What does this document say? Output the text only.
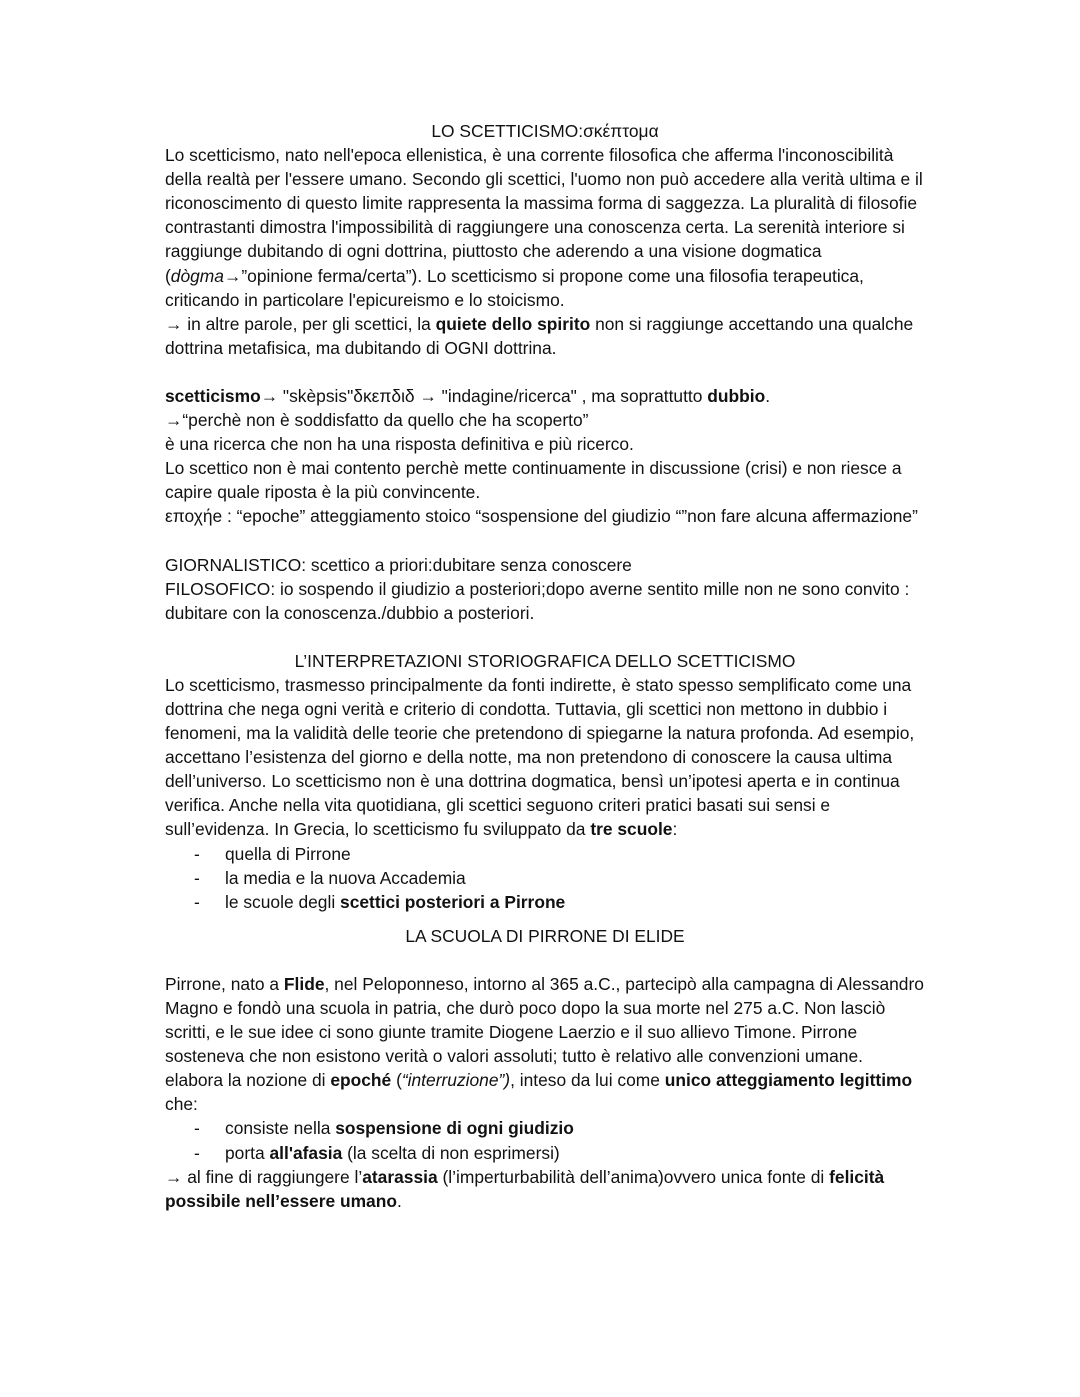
LO SCETTICISMO:σκέπτομα

Lo scetticismo, nato nell'epoca ellenistica, è una corrente filosofica che afferma l'inconoscibilità della realtà per l'essere umano. Secondo gli scettici, l'uomo non può accedere alla verità ultima e il riconoscimento di questo limite rappresenta la massima forma di saggezza. La pluralità di filosofie contrastanti dimostra l'impossibilità di raggiungere una conoscenza certa. La serenità interiore si raggiunge dubitando di ogni dottrina, piuttosto che aderendo a una visione dogmatica (dògma→”opinione ferma/certa”). Lo scetticismo si propone come una filosofia terapeutica, criticando in particolare l'epicureismo e lo stoicismo.

→ in altre parole, per gli scettici, la quiete dello spirito non si raggiunge accettando una qualche dottrina metafisica, ma dubitando di OGNI dottrina.

scetticismo→ "skèpsis"δκεπδιδ → "indagine/ricerca" , ma soprattutto dubbio.

→“perchè non è soddisfatto da quello che ha scoperto”

è una ricerca che non ha una risposta definitiva e più ricerco.

Lo scettico non è mai contento perchè mette continuamente in discussione (crisi) e non riesce a capire quale riposta è la più convincente.

εποχήe : “epoche” atteggiamento stoico “sospensione del giudizio “”non fare alcuna affermazione”

GIORNALISTICO: scettico a priori:dubitare senza conoscere

FILOSOFICO: io sospendo il giudizio a posteriori;dopo averne sentito mille non ne sono convito : dubitare con la conoscenza./dubbio a posteriori.

L’INTERPRETAZIONI STORIOGRAFICA DELLO SCETTICISMO

Lo scetticismo, trasmesso principalmente da fonti indirette, è stato spesso semplificato come una dottrina che nega ogni verità e criterio di condotta. Tuttavia, gli scettici non mettono in dubbio i fenomeni, ma la validità delle teorie che pretendono di spiegarne la natura profonda. Ad esempio, accettano l’esistenza del giorno e della notte, ma non pretendono di conoscere la causa ultima dell’universo. Lo scetticismo non è una dottrina dogmatica, bensì un’ipotesi aperta e in continua verifica. Anche nella vita quotidiana, gli scettici seguono criteri pratici basati sui sensi e sull’evidenza. In Grecia, lo scetticismo fu sviluppato da tre scuole:

- quella di Pirrone
- la media e la nuova Accademia
- le scuole degli scettici posteriori a Pirrone

LA SCUOLA DI PIRRONE DI ELIDE

Pirrone, nato a Flide, nel Peloponneso, intorno al 365 a.C., partecipò alla campagna di Alessandro Magno e fondò una scuola in patria, che durò poco dopo la sua morte nel 275 a.C. Non lasciò scritti, e le sue idee ci sono giunte tramite Diogene Laerzio e il suo allievo Timone. Pirrone sosteneva che non esistono verità o valori assoluti; tutto è relativo alle convenzioni umane.

elabora la nozione di epoché (“interruzione”), inteso da lui come unico atteggiamento legittimo che:

- consiste nella sospensione di ogni giudizio
- porta all'afasia (la scelta di non esprimersi)

→ al fine di raggiungere l’atarassia (l’imperturbabilità dell’anima)ovvero unica fonte di felicità possibile nell’essere umano.
